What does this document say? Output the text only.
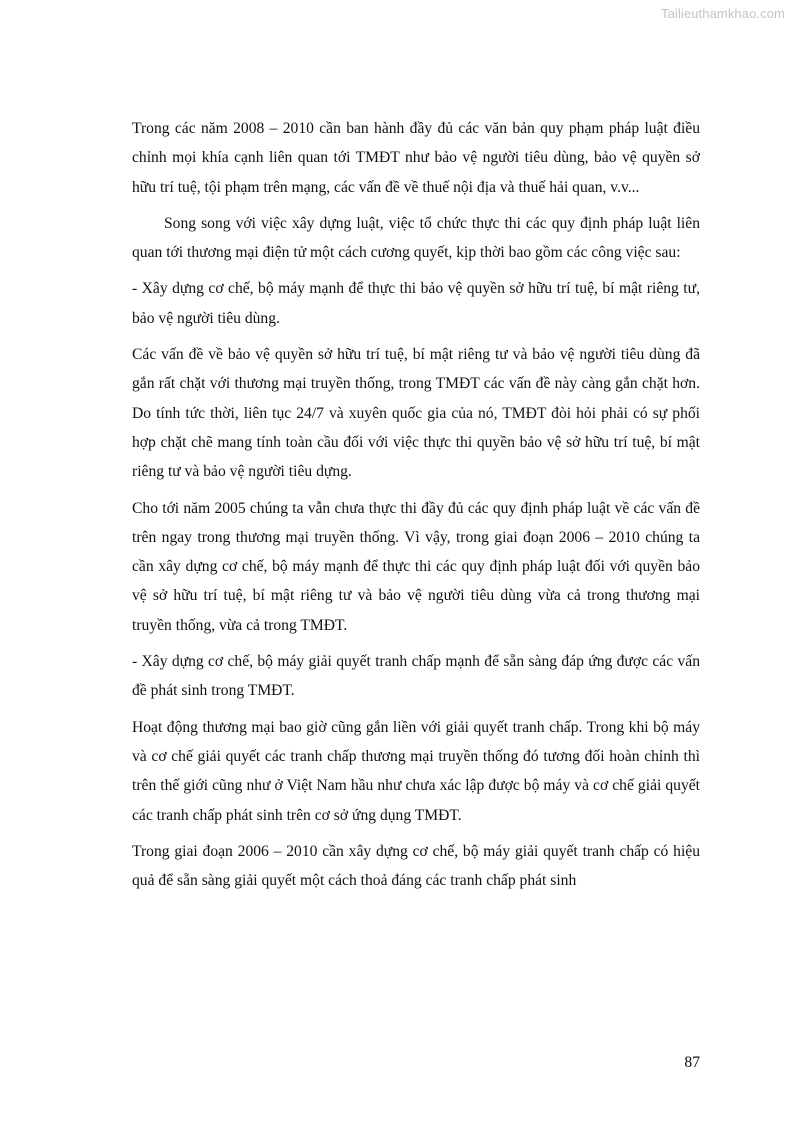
Tailieuthamkhao.com

Trong các năm 2008 – 2010 cần ban hành đầy đủ các văn bản quy phạm pháp luật điều chỉnh mọi khía cạnh liên quan tới TMĐT như bảo vệ người tiêu dùng, bảo vệ quyền sở hữu trí tuệ, tội phạm trên mạng, các vấn đề về thuế nội địa và thuế hải quan, v.v...

Song song với việc xây dựng luật, việc tổ chức thực thi các quy định pháp luật liên quan tới thương mại điện tử một cách cương quyết, kịp thời bao gồm các công việc sau:

- Xây dựng cơ chế, bộ máy mạnh để thực thi bảo vệ quyền sở hữu trí tuệ, bí mật riêng tư, bảo vệ người tiêu dùng.

Các vấn đề về bảo vệ quyền sở hữu trí tuệ, bí mật riêng tư và bảo vệ người tiêu dùng đã gắn rất chặt với thương mại truyền thống, trong TMĐT các vấn đề này càng gắn chặt hơn. Do tính tức thời, liên tục 24/7 và xuyên quốc gia của nó, TMĐT đòi hỏi phải có sự phối hợp chặt chẽ mang tính toàn cầu đối với việc thực thi quyền bảo vệ sở hữu trí tuệ, bí mật riêng tư và bảo vệ người tiêu dựng.

Cho tới năm 2005 chúng ta vẫn chưa thực thi đầy đủ các quy định pháp luật về các vấn đề trên ngay trong thương mại truyền thống. Vì vậy, trong giai đoạn 2006 – 2010 chúng ta cần xây dựng cơ chế, bộ máy mạnh để thực thi các quy định pháp luật đối với quyền bảo vệ sở hữu trí tuệ, bí mật riêng tư và bảo vệ người tiêu dùng vừa cả trong thương mại truyền thống, vừa cả trong TMĐT.

- Xây dựng cơ chế, bộ máy giải quyết tranh chấp mạnh để sẵn sàng đáp ứng được các vấn đề phát sinh trong TMĐT.

Hoạt động thương mại bao giờ cũng gắn liền với giải quyết tranh chấp. Trong khi bộ máy và cơ chế giải quyết các tranh chấp thương mại truyền thống đó tương đối hoàn chỉnh thì trên thế giới cũng như ở Việt Nam hầu như chưa xác lập được bộ máy và cơ chế giải quyết các tranh chấp phát sinh trên cơ sở ứng dụng TMĐT.

Trong giai đoạn 2006 – 2010 cần xây dựng cơ chế, bộ máy giải quyết tranh chấp có hiệu quả để sẵn sàng giải quyết một cách thoả đáng các tranh chấp phát sinh

87
